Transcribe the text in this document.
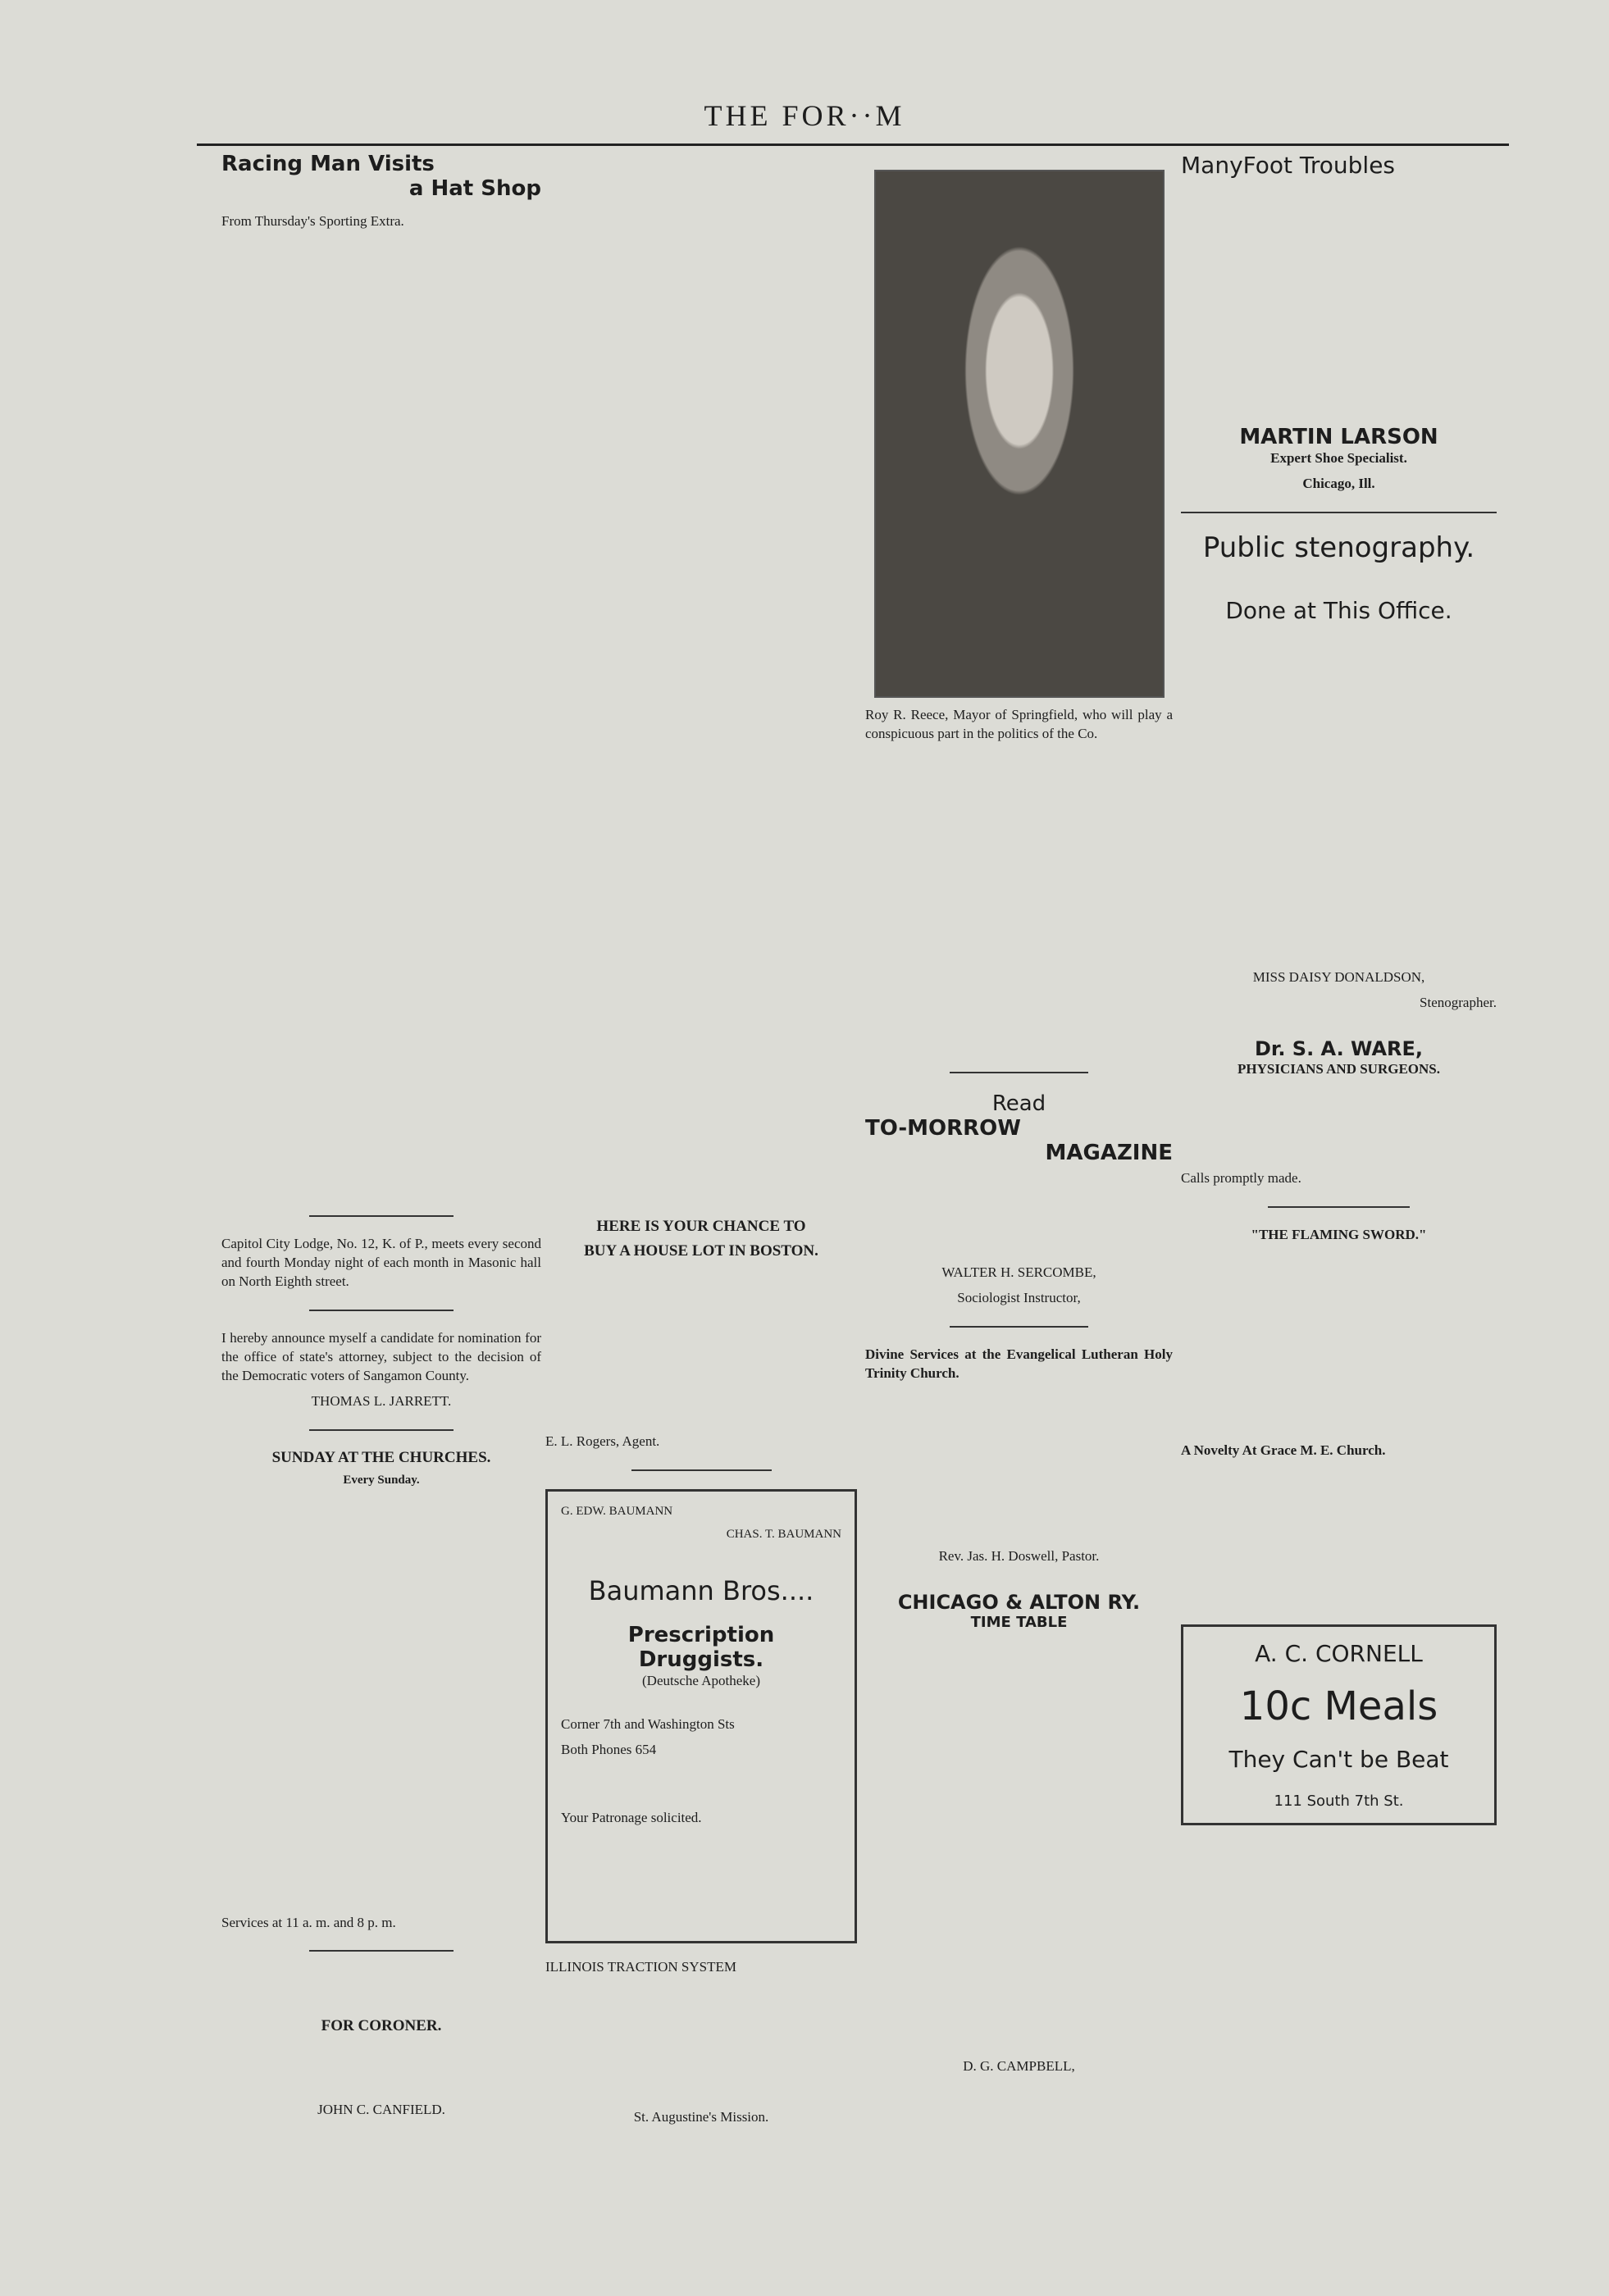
THE FOR··M
Racing Man Visits
a Hat Shop

From Thursday's Sporting Extra.

Capitol City Lodge, No. 12, K. of P., meets every second and fourth Monday night of each month in Masonic hall on North Eighth street.

I hereby announce myself a candidate for nomination for the office of state's attorney, subject to the decision of the Democratic voters of Sangamon County.

THOMAS L. JARRETT.

SUNDAY AT THE CHURCHES.
Every Sunday.

Services at 11 a. m. and 8 p. m.

FOR CORONER.

JOHN C. CANFIELD.

HERE IS YOUR CHANCE TO
BUY A HOUSE LOT IN BOSTON.

E. L. Rogers, Agent.

G. EDW. BAUMANN

CHAS. T. BAUMANN

Baumann Bros....
Prescription
Druggists.

(Deutsche Apotheke)

Corner 7th and Washington Sts

Both Phones 654

Your Patronage solicited.

ILLINOIS TRACTION SYSTEM

St. Augustine's Mission.

Roy R. Reece, Mayor of Springfield, who will play a conspicuous part in the politics of the Co.

Read
TO-MORROW
MAGAZINE

WALTER H. SERCOMBE,

Sociologist Instructor,

Divine Services at the Evangelical Lutheran Holy Trinity Church.

Rev. Jas. H. Doswell, Pastor.

CHICAGO & ALTON RY.
TIME TABLE

D. G. CAMPBELL,

ManyFoot Troubles
MARTIN LARSON

Expert Shoe Specialist.

Chicago, Ill.

Public stenography.
Done at This Office.

MISS DAISY DONALDSON,

Stenographer.

Dr. S. A. WARE,

PHYSICIANS AND SURGEONS.

Calls promptly made.

"THE FLAMING SWORD."

A Novelty At Grace M. E. Church.

A. C. CORNELL
10c Meals
They Can't be Beat
111 South 7th St.
